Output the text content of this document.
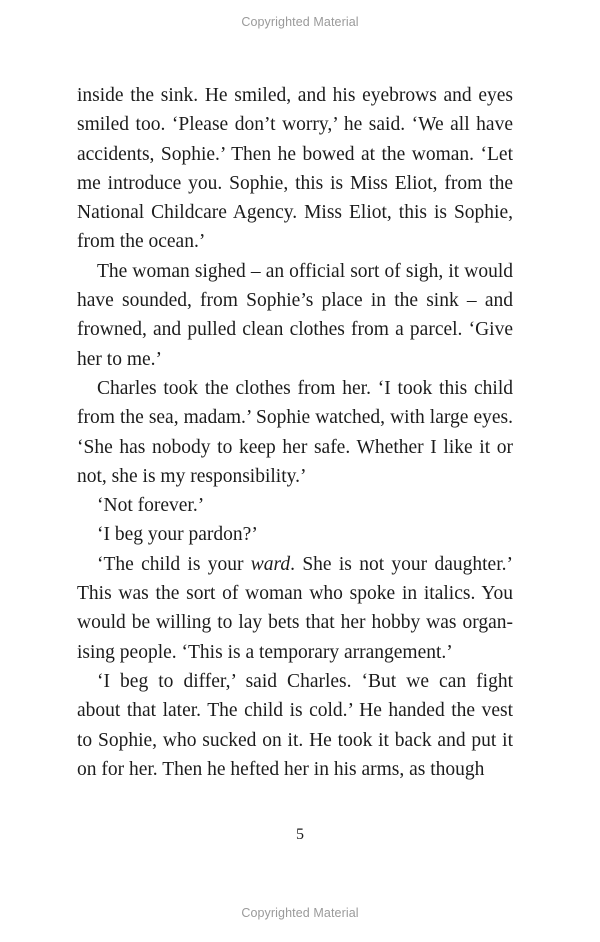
Copyrighted Material

inside the sink. He smiled, and his eyebrows and eyes smiled too. ‘Please don’t worry,’ he said. ‘We all have accidents, Sophie.’ Then he bowed at the woman. ‘Let me introduce you. Sophie, this is Miss Eliot, from the National Childcare Agency. Miss Eliot, this is Sophie, from the ocean.’

The woman sighed – an official sort of sigh, it would have sounded, from Sophie’s place in the sink – and frowned, and pulled clean clothes from a parcel. ‘Give her to me.’

Charles took the clothes from her. ‘I took this child from the sea, madam.’ Sophie watched, with large eyes. ‘She has nobody to keep her safe. Whether I like it or not, she is my responsibility.’

‘Not forever.’

‘I beg your pardon?’

‘The child is your ward. She is not your daughter.’ This was the sort of woman who spoke in italics. You would be willing to lay bets that her hobby was organising people. ‘This is a temporary arrangement.’

‘I beg to differ,’ said Charles. ‘But we can fight about that later. The child is cold.’ He handed the vest to Sophie, who sucked on it. He took it back and put it on for her. Then he hefted her in his arms, as though

5
Copyrighted Material
